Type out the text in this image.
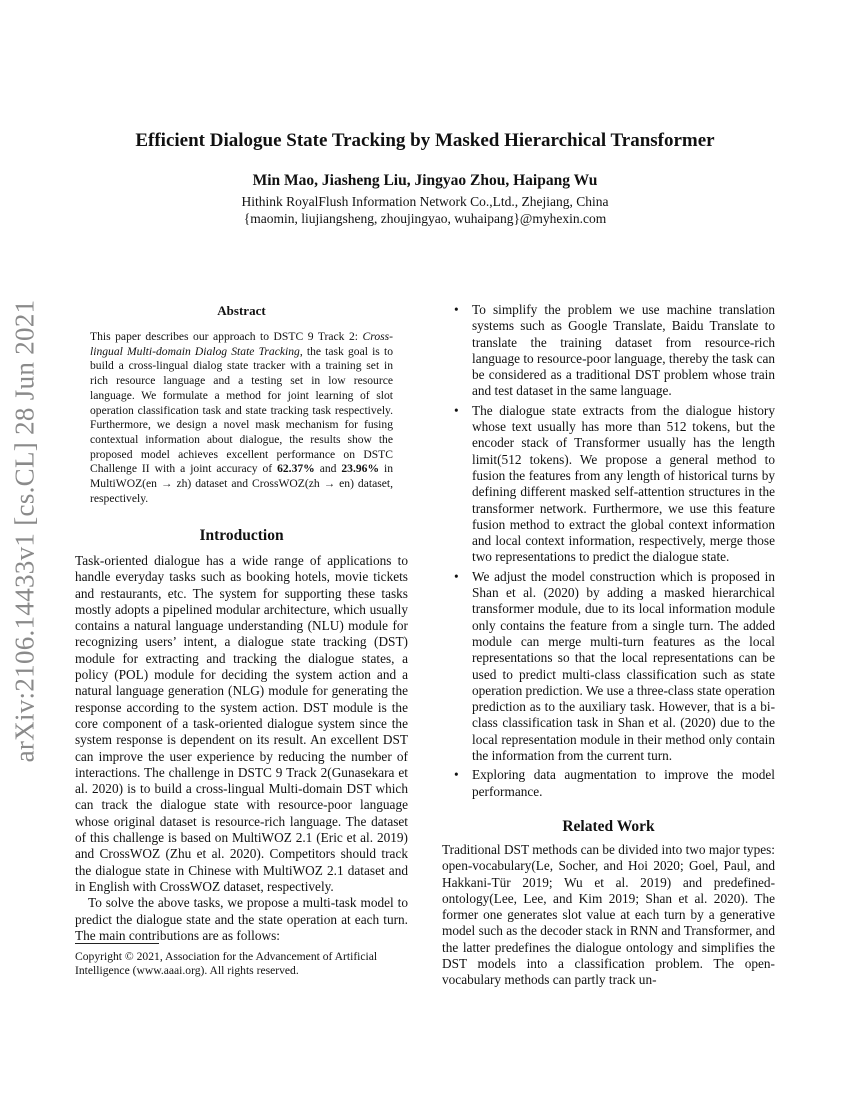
arXiv:2106.14433v1 [cs.CL] 28 Jun 2021
Efficient Dialogue State Tracking by Masked Hierarchical Transformer
Min Mao, Jiasheng Liu, Jingyao Zhou, Haipang Wu
Hithink RoyalFlush Information Network Co.,Ltd., Zhejiang, China
{maomin, liujiangsheng, zhoujingyao, wuhaipang}@myhexin.com
Abstract

This paper describes our approach to DSTC 9 Track 2: Cross-lingual Multi-domain Dialog State Tracking, the task goal is to build a cross-lingual dialog state tracker with a training set in rich resource language and a testing set in low resource language. We formulate a method for joint learning of slot operation classification task and state tracking task respectively. Furthermore, we design a novel mask mechanism for fusing contextual information about dialogue, the results show the proposed model achieves excellent performance on DSTC Challenge II with a joint accuracy of 62.37% and 23.96% in MultiWOZ(en → zh) dataset and CrossWOZ(zh → en) dataset, respectively.

Introduction

Task-oriented dialogue has a wide range of applications to handle everyday tasks such as booking hotels, movie tickets and restaurants, etc. The system for supporting these tasks mostly adopts a pipelined modular architecture, which usually contains a natural language understanding (NLU) module for recognizing users’ intent, a dialogue state tracking (DST) module for extracting and tracking the dialogue states, a policy (POL) module for deciding the system action and a natural language generation (NLG) module for generating the response according to the system action. DST module is the core component of a task-oriented dialogue system since the system response is dependent on its result. An excellent DST can improve the user experience by reducing the number of interactions. The challenge in DSTC 9 Track 2(Gunasekara et al. 2020) is to build a cross-lingual Multi-domain DST which can track the dialogue state with resource-poor language whose original dataset is resource-rich language. The dataset of this challenge is based on MultiWOZ 2.1 (Eric et al. 2019) and CrossWOZ (Zhu et al. 2020). Competitors should track the dialogue state in Chinese with MultiWOZ 2.1 dataset and in English with CrossWOZ dataset, respectively.

To solve the above tasks, we propose a multi-task model to predict the dialogue state and the state operation at each turn. The main contributions are as follows:

Copyright © 2021, Association for the Advancement of Artificial Intelligence (www.aaai.org). All rights reserved.
• To simplify the problem we use machine translation systems such as Google Translate, Baidu Translate to translate the training dataset from resource-rich language to resource-poor language, thereby the task can be considered as a traditional DST problem whose train and test dataset in the same language.
• The dialogue state extracts from the dialogue history whose text usually has more than 512 tokens, but the encoder stack of Transformer usually has the length limit(512 tokens). We propose a general method to fusion the features from any length of historical turns by defining different masked self-attention structures in the transformer network. Furthermore, we use this feature fusion method to extract the global context information and local context information, respectively, merge those two representations to predict the dialogue state.
• We adjust the model construction which is proposed in Shan et al. (2020) by adding a masked hierarchical transformer module, due to its local information module only contains the feature from a single turn. The added module can merge multi-turn features as the local representations so that the local representations can be used to predict multi-class classification such as state operation prediction. We use a three-class state operation prediction as to the auxiliary task. However, that is a bi-class classification task in Shan et al. (2020) due to the local representation module in their method only contain the information from the current turn.
• Exploring data augmentation to improve the model performance.
Related Work

Traditional DST methods can be divided into two major types: open-vocabulary(Le, Socher, and Hoi 2020; Goel, Paul, and Hakkani-Tür 2019; Wu et al. 2019) and predefined-ontology(Lee, Lee, and Kim 2019; Shan et al. 2020). The former one generates slot value at each turn by a generative model such as the decoder stack in RNN and Transformer, and the latter predefines the dialogue ontology and simplifies the DST models into a classification problem. The open-vocabulary methods can partly track un-
